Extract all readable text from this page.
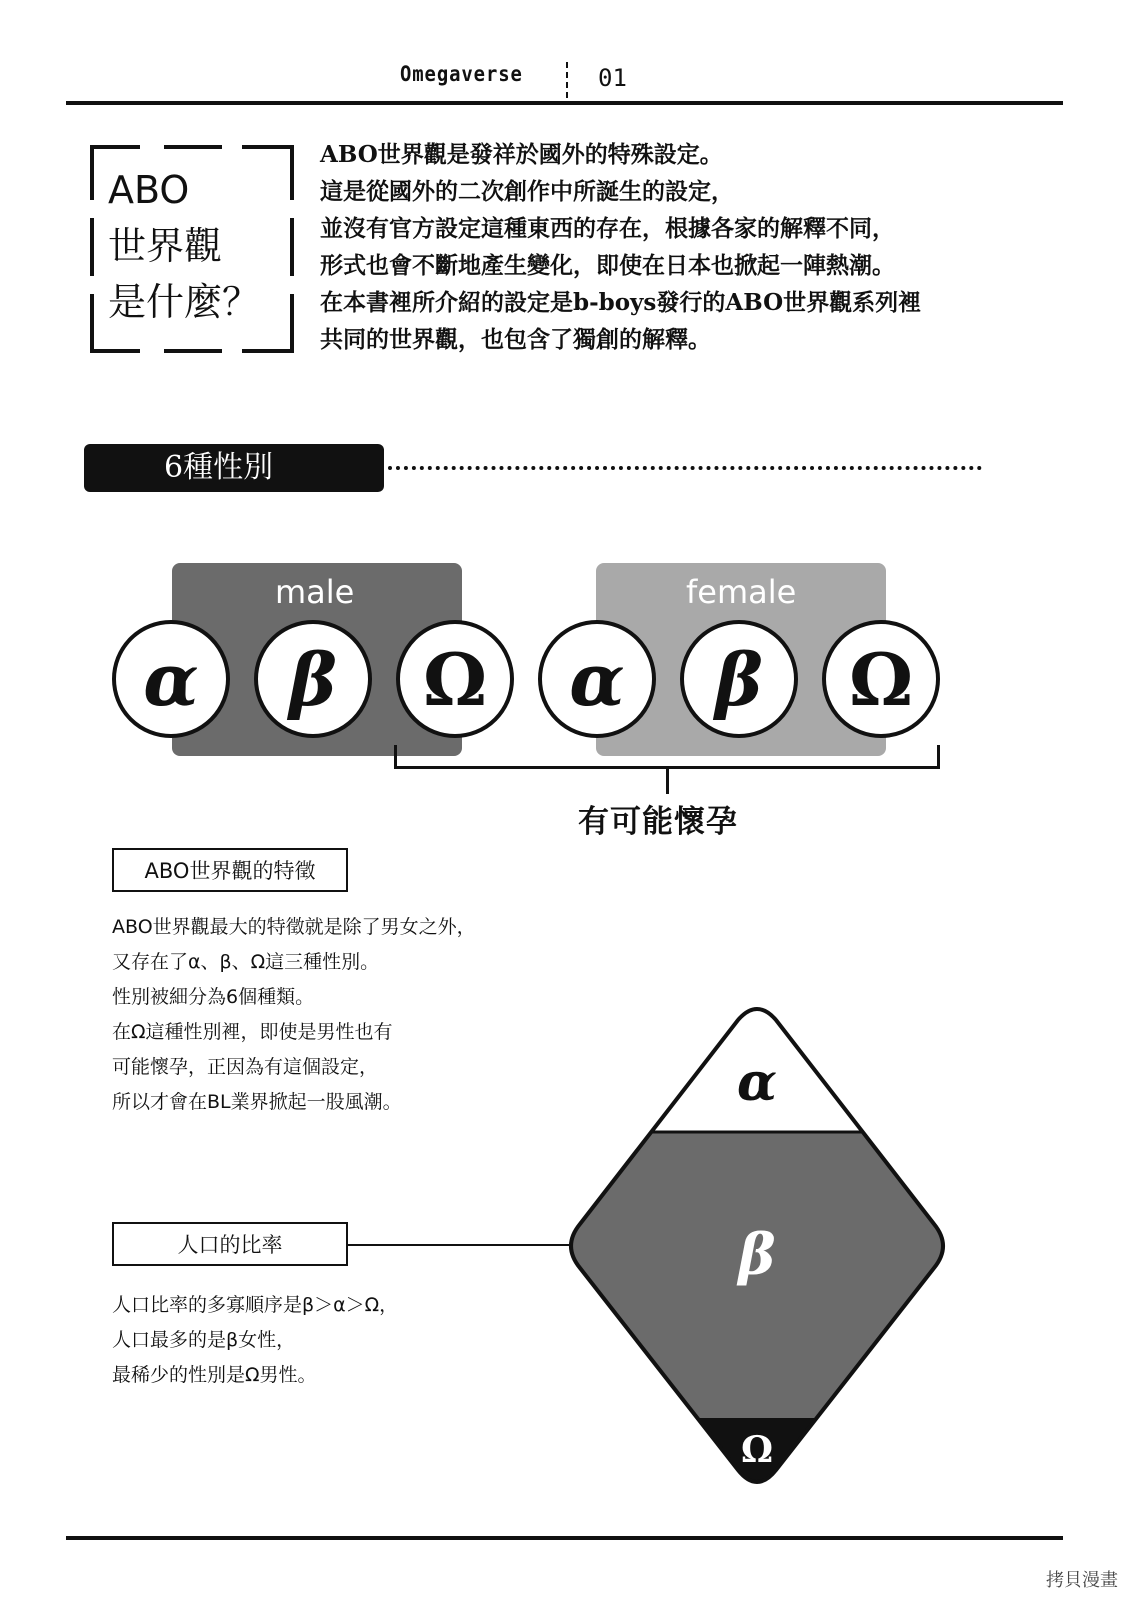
Omegaverse	01
ABO
世界觀
是什麼？
ABO世界觀是發祥於國外的特殊設定。
這是從國外的二次創作中所誕生的設定，
並沒有官方設定這種東西的存在，根據各家的解釋不同，
形式也會不斷地產生變化，即使在日本也掀起一陣熱潮。
在本書裡所介紹的設定是b-boys發行的ABO世界觀系列裡
共同的世界觀，也包含了獨創的解釋。
6種性別
male	female
α	β	Ω	α	β	Ω
有可能懷孕
ABO世界觀的特徵
ABO世界觀最大的特徵就是除了男女之外，
又存在了α、β、Ω這三種性別。
性別被細分為6個種類。
在Ω這種性別裡，即使是男性也有
可能懷孕，正因為有這個設定，
所以才會在BL業界掀起一股風潮。
人口的比率
人口比率的多寡順序是β＞α＞Ω，
人口最多的是β女性，
最稀少的性別是Ω男性。
α
β
Ω
拷貝漫畫
